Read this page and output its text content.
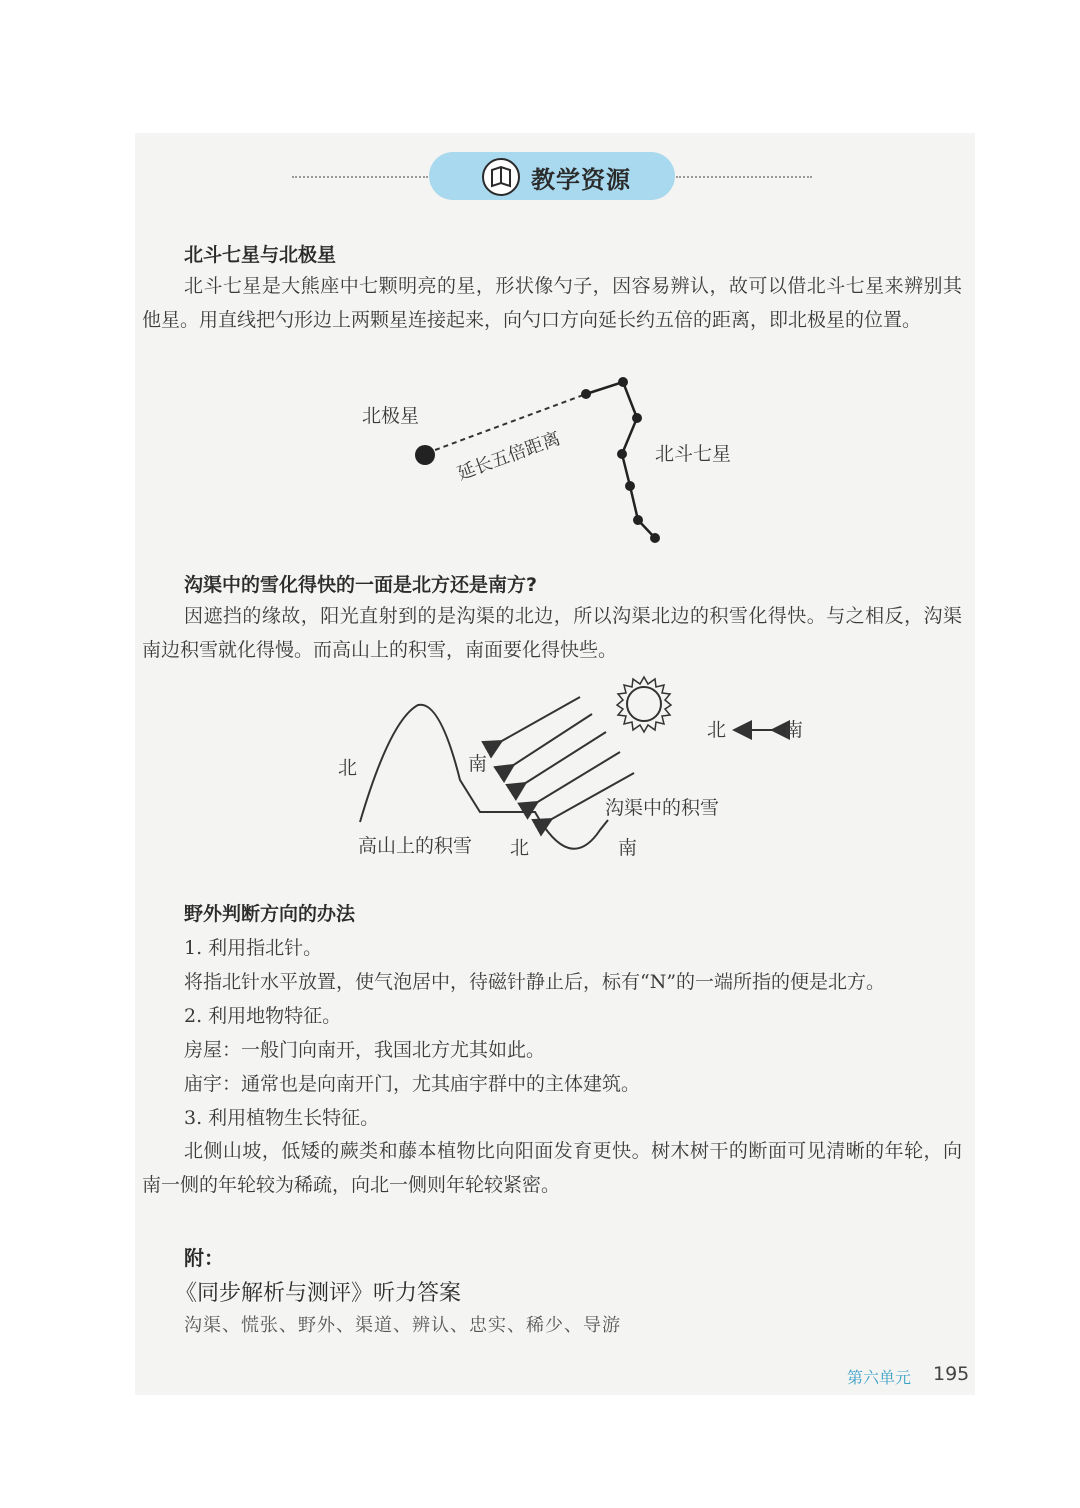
教学资源
北斗七星与北极星
北斗七星是大熊座中七颗明亮的星，形状像勺子，因容易辨认，故可以借北斗七星来辨别其他星。用直线把勺形边上两颗星连接起来，向勺口方向延长约五倍的距离，即北极星的位置。
北极星
延长五倍距离	北斗七星
沟渠中的雪化得快的一面是北方还是南方?
因遮挡的缘故，阳光直射到的是沟渠的北边，所以沟渠北边的积雪化得快。与之相反，沟渠南边积雪就化得慢。而高山上的积雪，南面要化得快些。
北	南
高山上的积雪 北	南
沟渠中的积雪
北	南
野外判断方向的办法
1. 利用指北针。
将指北针水平放置，使气泡居中，待磁针静止后，标有“N”的一端所指的便是北方。
2. 利用地物特征。
房屋：一般门向南开，我国北方尤其如此。
庙宇：通常也是向南开门，尤其庙宇群中的主体建筑。
3. 利用植物生长特征。
北侧山坡，低矮的蕨类和藤本植物比向阳面发育更快。树木树干的断面可见清晰的年轮，向南一侧的年轮较为稀疏，向北一侧则年轮较紧密。
附：
《同步解析与测评》听力答案
沟渠、慌张、野外、渠道、辨认、忠实、稀少、导游
第六单元 195
